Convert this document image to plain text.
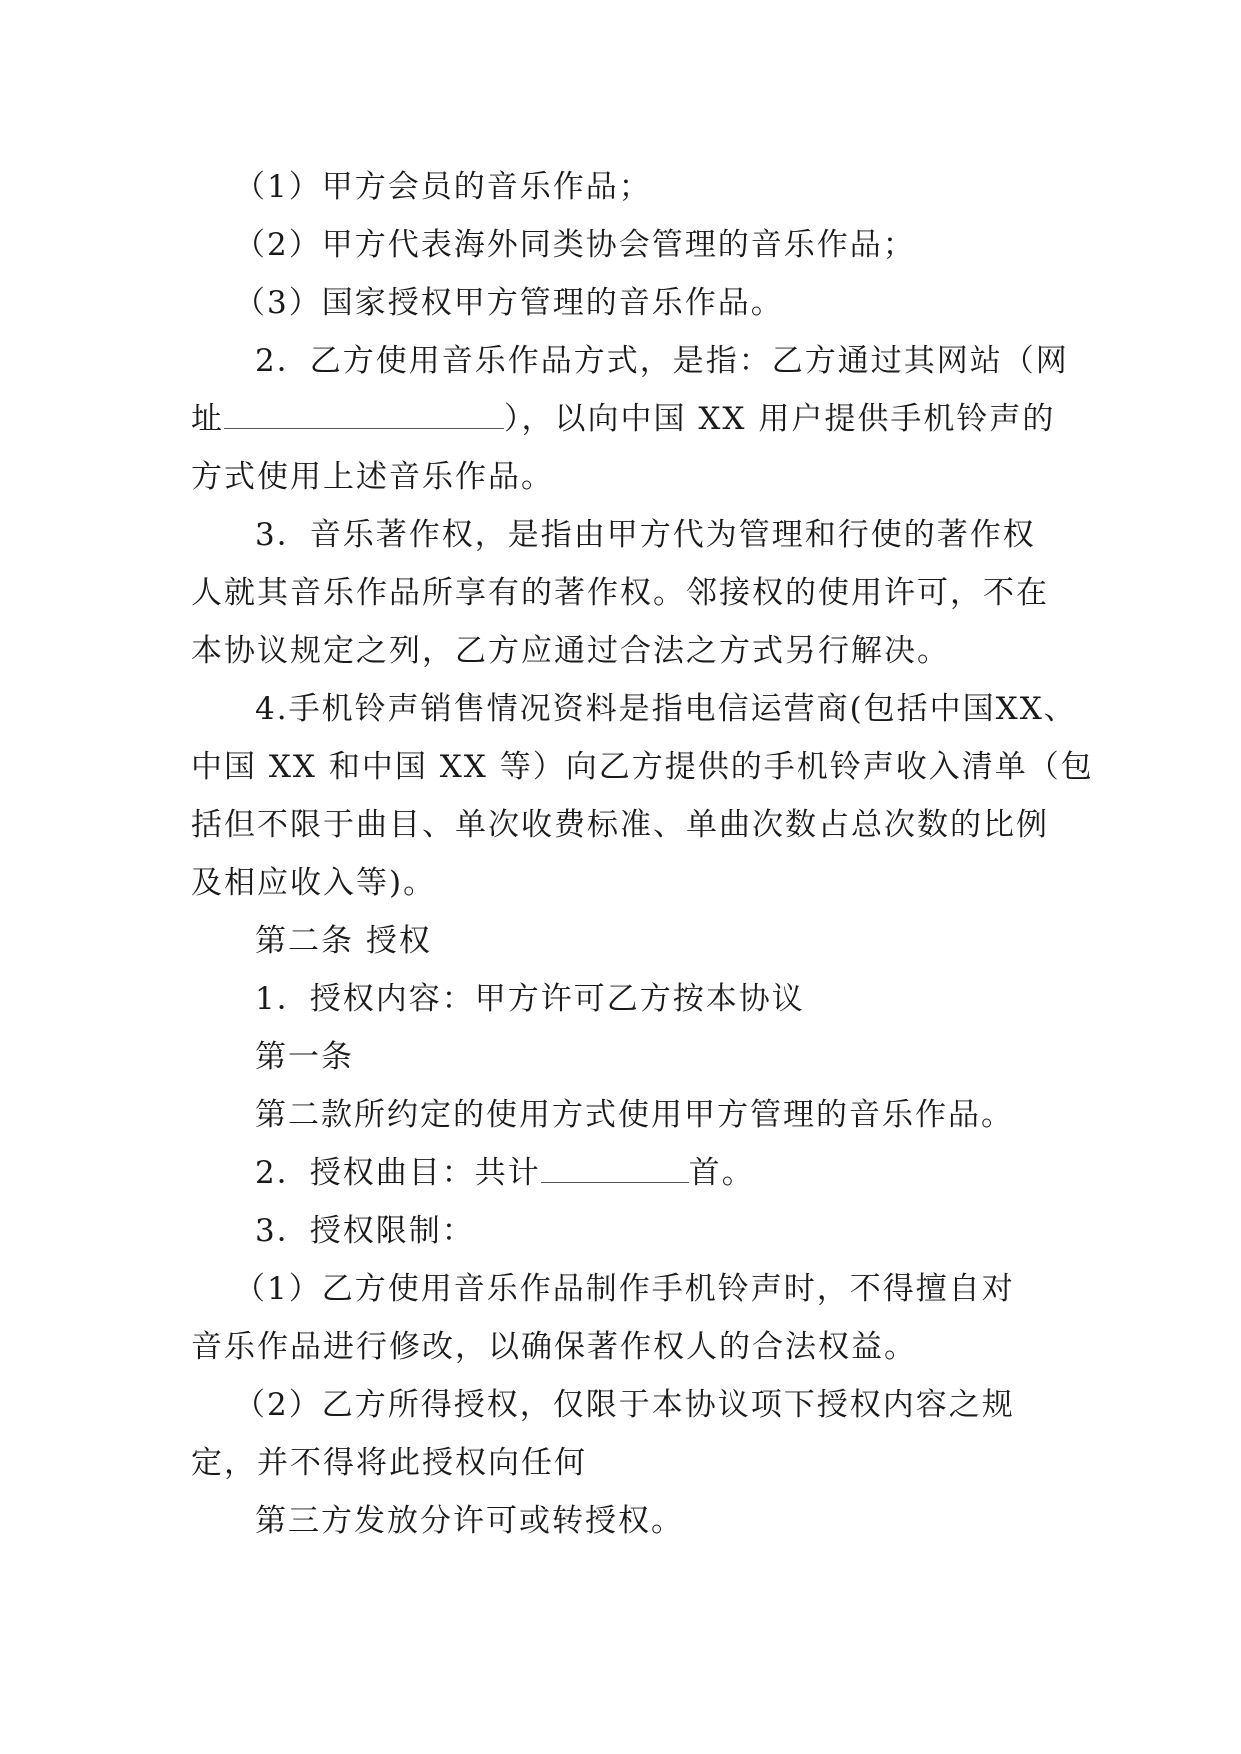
（1）甲方会员的音乐作品；

（2）甲方代表海外同类协会管理的音乐作品；

（3）国家授权甲方管理的音乐作品。

2．乙方使用音乐作品方式，是指：乙方通过其网站（网

址	），以向中国 XX 用户提供手机铃声的

方式使用上述音乐作品。

3．音乐著作权，是指由甲方代为管理和行使的著作权

人就其音乐作品所享有的著作权。邻接权的使用许可，不在

本协议规定之列，乙方应通过合法之方式另行解决。

4.手机铃声销售情况资料是指电信运营商(包括中国XX、

中国 XX 和中国 XX 等）向乙方提供的手机铃声收入清单（包

括但不限于曲目、单次收费标准、单曲次数占总次数的比例

及相应收入等)。

第二条 授权

1．授权内容：甲方许可乙方按本协议

第一条

第二款所约定的使用方式使用甲方管理的音乐作品。

2．授权曲目：共计	首。

3．授权限制：

（1）乙方使用音乐作品制作手机铃声时，不得擅自对

音乐作品进行修改，以确保著作权人的合法权益。

（2）乙方所得授权，仅限于本协议项下授权内容之规

定，并不得将此授权向任何

第三方发放分许可或转授权。
